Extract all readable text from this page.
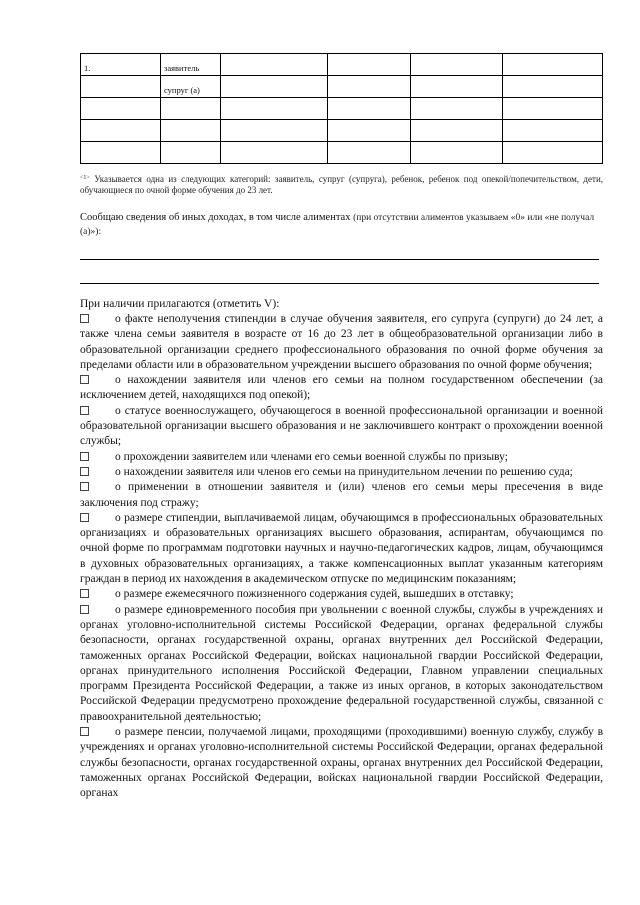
1.	заявитель				
	супруг (а)				

$^{<1>}$ Указывается одна из следующих категорий: заявитель, супруг (супруга), ребенок, ребенок под опекой/попечительством, дети, обучающиеся по очной форме обучения до 23 лет.
Сообщаю сведения об иных доходах, в том числе алиментах (при отсутствии алиментов указываем «0» или «не получал (а)»):
При наличии прилагаются (отметить V):

о факте неполучения стипендии в случае обучения заявителя, его супруга (супруги) до 24 лет, а также члена семьи заявителя в возрасте от 16 до 23 лет в общеобразовательной организации либо в образовательной организации среднего профессионального образования по очной форме обучения за пределами области или в образовательном учреждении высшего образования по очной форме обучения;

о нахождении заявителя или членов его семьи на полном государственном обеспечении (за исключением детей, находящихся под опекой);

о статусе военнослужащего, обучающегося в военной профессиональной организации и военной образовательной организации высшего образования и не заключившего контракт о прохождении военной службы;

о прохождении заявителем или членами его семьи военной службы по призыву;

о нахождении заявителя или членов его семьи на принудительном лечении по решению суда;

о применении в отношении заявителя и (или) членов его семьи меры пресечения в виде заключения под стражу;

о размере стипендии, выплачиваемой лицам, обучающимся в профессиональных образовательных организациях и образовательных организациях высшего образования, аспирантам, обучающимся по очной форме по программам подготовки научных и научно-педагогических кадров, лицам, обучающимся в духовных образовательных организациях, а также компенсационных выплат указанным категориям граждан в период их нахождения в академическом отпуске по медицинским показаниям;

о размере ежемесячного пожизненного содержания судей, вышедших в отставку;

о размере единовременного пособия при увольнении с военной службы, службы в учреждениях и органах уголовно-исполнительной системы Российской Федерации, органах федеральной службы безопасности, органах государственной охраны, органах внутренних дел Российской Федерации, таможенных органах Российской Федерации, войсках национальной гвардии Российской Федерации, органах принудительного исполнения Российской Федерации, Главном управлении специальных программ Президента Российской Федерации, а также из иных органов, в которых законодательством Российской Федерации предусмотрено прохождение федеральной государственной службы, связанной с правоохранительной деятельностью;

о размере пенсии, получаемой лицами, проходящими (проходившими) военную службу, службу в учреждениях и органах уголовно-исполнительной системы Российской Федерации, органах федеральной службы безопасности, органах государственной охраны, органах внутренних дел Российской Федерации, таможенных органах Российской Федерации, войсках национальной гвардии Российской Федерации, органах
